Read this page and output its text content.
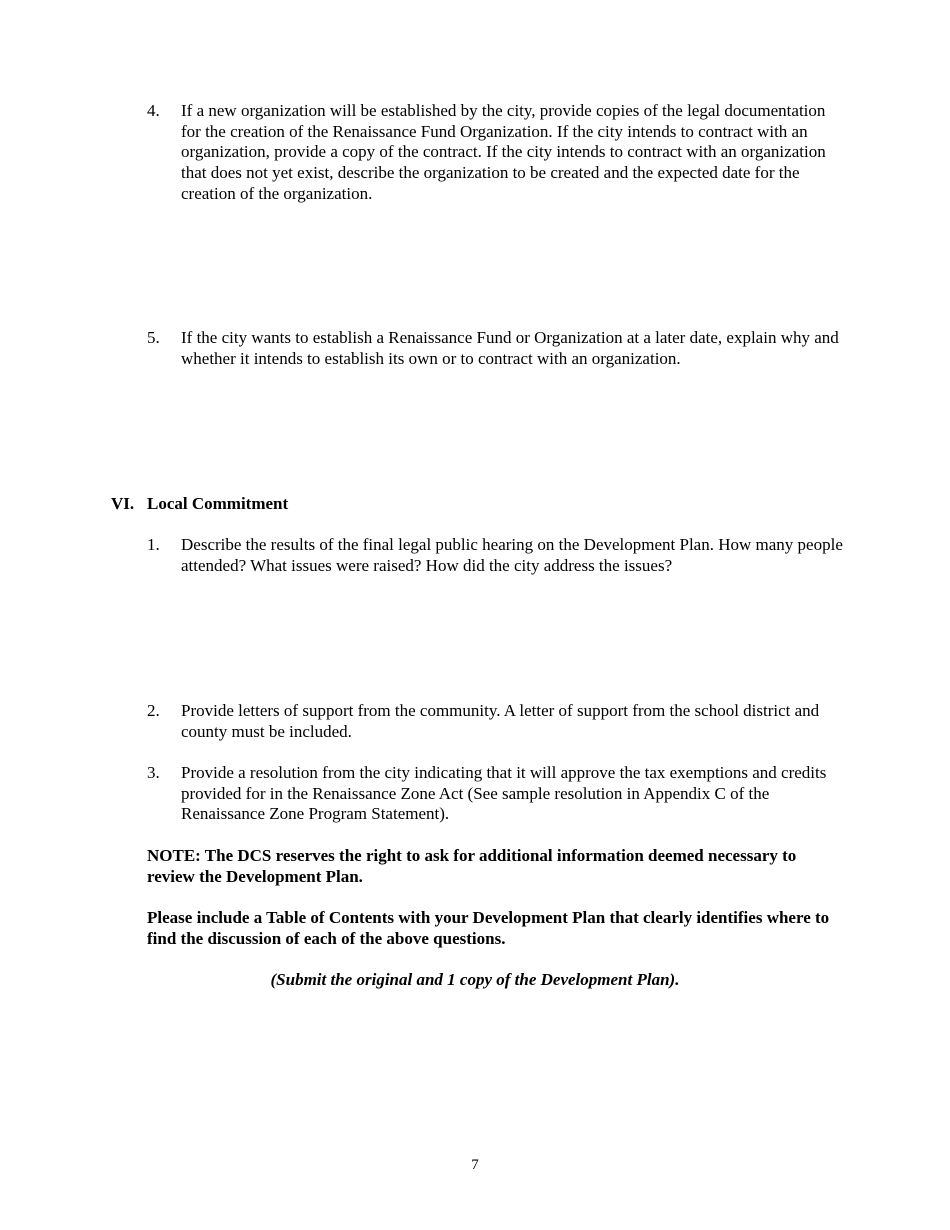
4. If a new organization will be established by the city, provide copies of the legal documentation for the creation of the Renaissance Fund Organization. If the city intends to contract with an organization, provide a copy of the contract. If the city intends to contract with an organization that does not yet exist, describe the organization to be created and the expected date for the creation of the organization.
5. If the city wants to establish a Renaissance Fund or Organization at a later date, explain why and whether it intends to establish its own or to contract with an organization.
VI. Local Commitment
1. Describe the results of the final legal public hearing on the Development Plan. How many people attended? What issues were raised? How did the city address the issues?
2. Provide letters of support from the community. A letter of support from the school district and county must be included.
3. Provide a resolution from the city indicating that it will approve the tax exemptions and credits provided for in the Renaissance Zone Act (See sample resolution in Appendix C of the Renaissance Zone Program Statement).
NOTE: The DCS reserves the right to ask for additional information deemed necessary to review the Development Plan.
Please include a Table of Contents with your Development Plan that clearly identifies where to find the discussion of each of the above questions.
(Submit the original and 1 copy of the Development Plan).
7
